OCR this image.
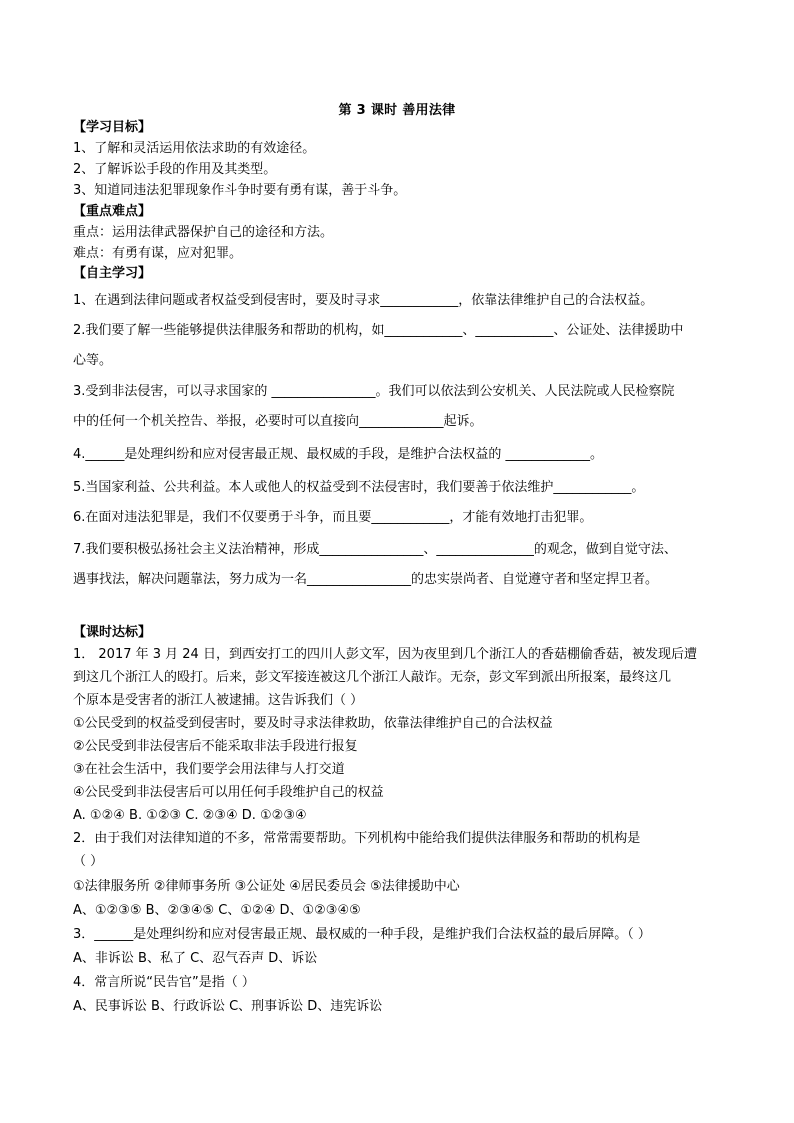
第 3 课时 善用法律
【学习目标】
1、了解和灵活运用依法求助的有效途径。
2、了解诉讼手段的作用及其类型。
3、知道同违法犯罪现象作斗争时要有勇有谋，善于斗争。
【重点难点】
重点：运用法律武器保护自己的途径和方法。
难点：有勇有谋，应对犯罪。
【自主学习】
1、在遇到法律问题或者权益受到侵害时，要及时寻求____________，依靠法律维护自己的合法权益。
2.我们要了解一些能够提供法律服务和帮助的机构，如____________、____________、公证处、法律援助中
心等。
3.受到非法侵害，可以寻求国家的 ________________。我们可以依法到公安机关、人民法院或人民检察院
中的任何一个机关控告、举报，必要时可以直接向_____________起诉。
4.______是处理纠纷和应对侵害最正规、最权威的手段，是维护合法权益的 _____________。
5.当国家利益、公共利益。本人或他人的权益受到不法侵害时，我们要善于依法维护____________。
6.在面对违法犯罪是，我们不仅要勇于斗争，而且要____________，才能有效地打击犯罪。
7.我们要积极弘扬社会主义法治精神，形成________________、_______________的观念，做到自觉守法、
遇事找法，解决问题靠法，努力成为一名________________的忠实崇尚者、自觉遵守者和坚定捍卫者。
【课时达标】
1． 2017 年 3 月 24 日，到西安打工的四川人彭文军，因为夜里到几个浙江人的香菇棚偷香菇，被发现后遭
到这几个浙江人的殴打。后来，彭文军接连被这几个浙江人敲诈。无奈，彭文军到派出所报案，最终这几
个原本是受害者的浙江人被逮捕。这告诉我们（ ）
①公民受到的权益受到侵害时，要及时寻求法律救助，依靠法律维护自己的合法权益
②公民受到非法侵害后不能采取非法手段进行报复
③在社会生活中，我们要学会用法律与人打交道
④公民受到非法侵害后可以用任何手段维护自己的权益
A. ①②④ B. ①②③ C. ②③④ D. ①②③④
2．由于我们对法律知道的不多，常常需要帮助。下列机构中能给我们提供法律服务和帮助的机构是
（ ）
①法律服务所 ②律师事务所 ③公证处 ④居民委员会 ⑤法律援助中心
A、①②③⑤ B、②③④⑤ C、①②④ D、①②③④⑤
3．______是处理纠纷和应对侵害最正规、最权威的一种手段，是维护我们合法权益的最后屏障。（ ）
A、非诉讼 B、私了 C、忍气吞声 D、诉讼
4．常言所说“民告官”是指（ ）
A、民事诉讼 B、行政诉讼 C、刑事诉讼 D、违宪诉讼
